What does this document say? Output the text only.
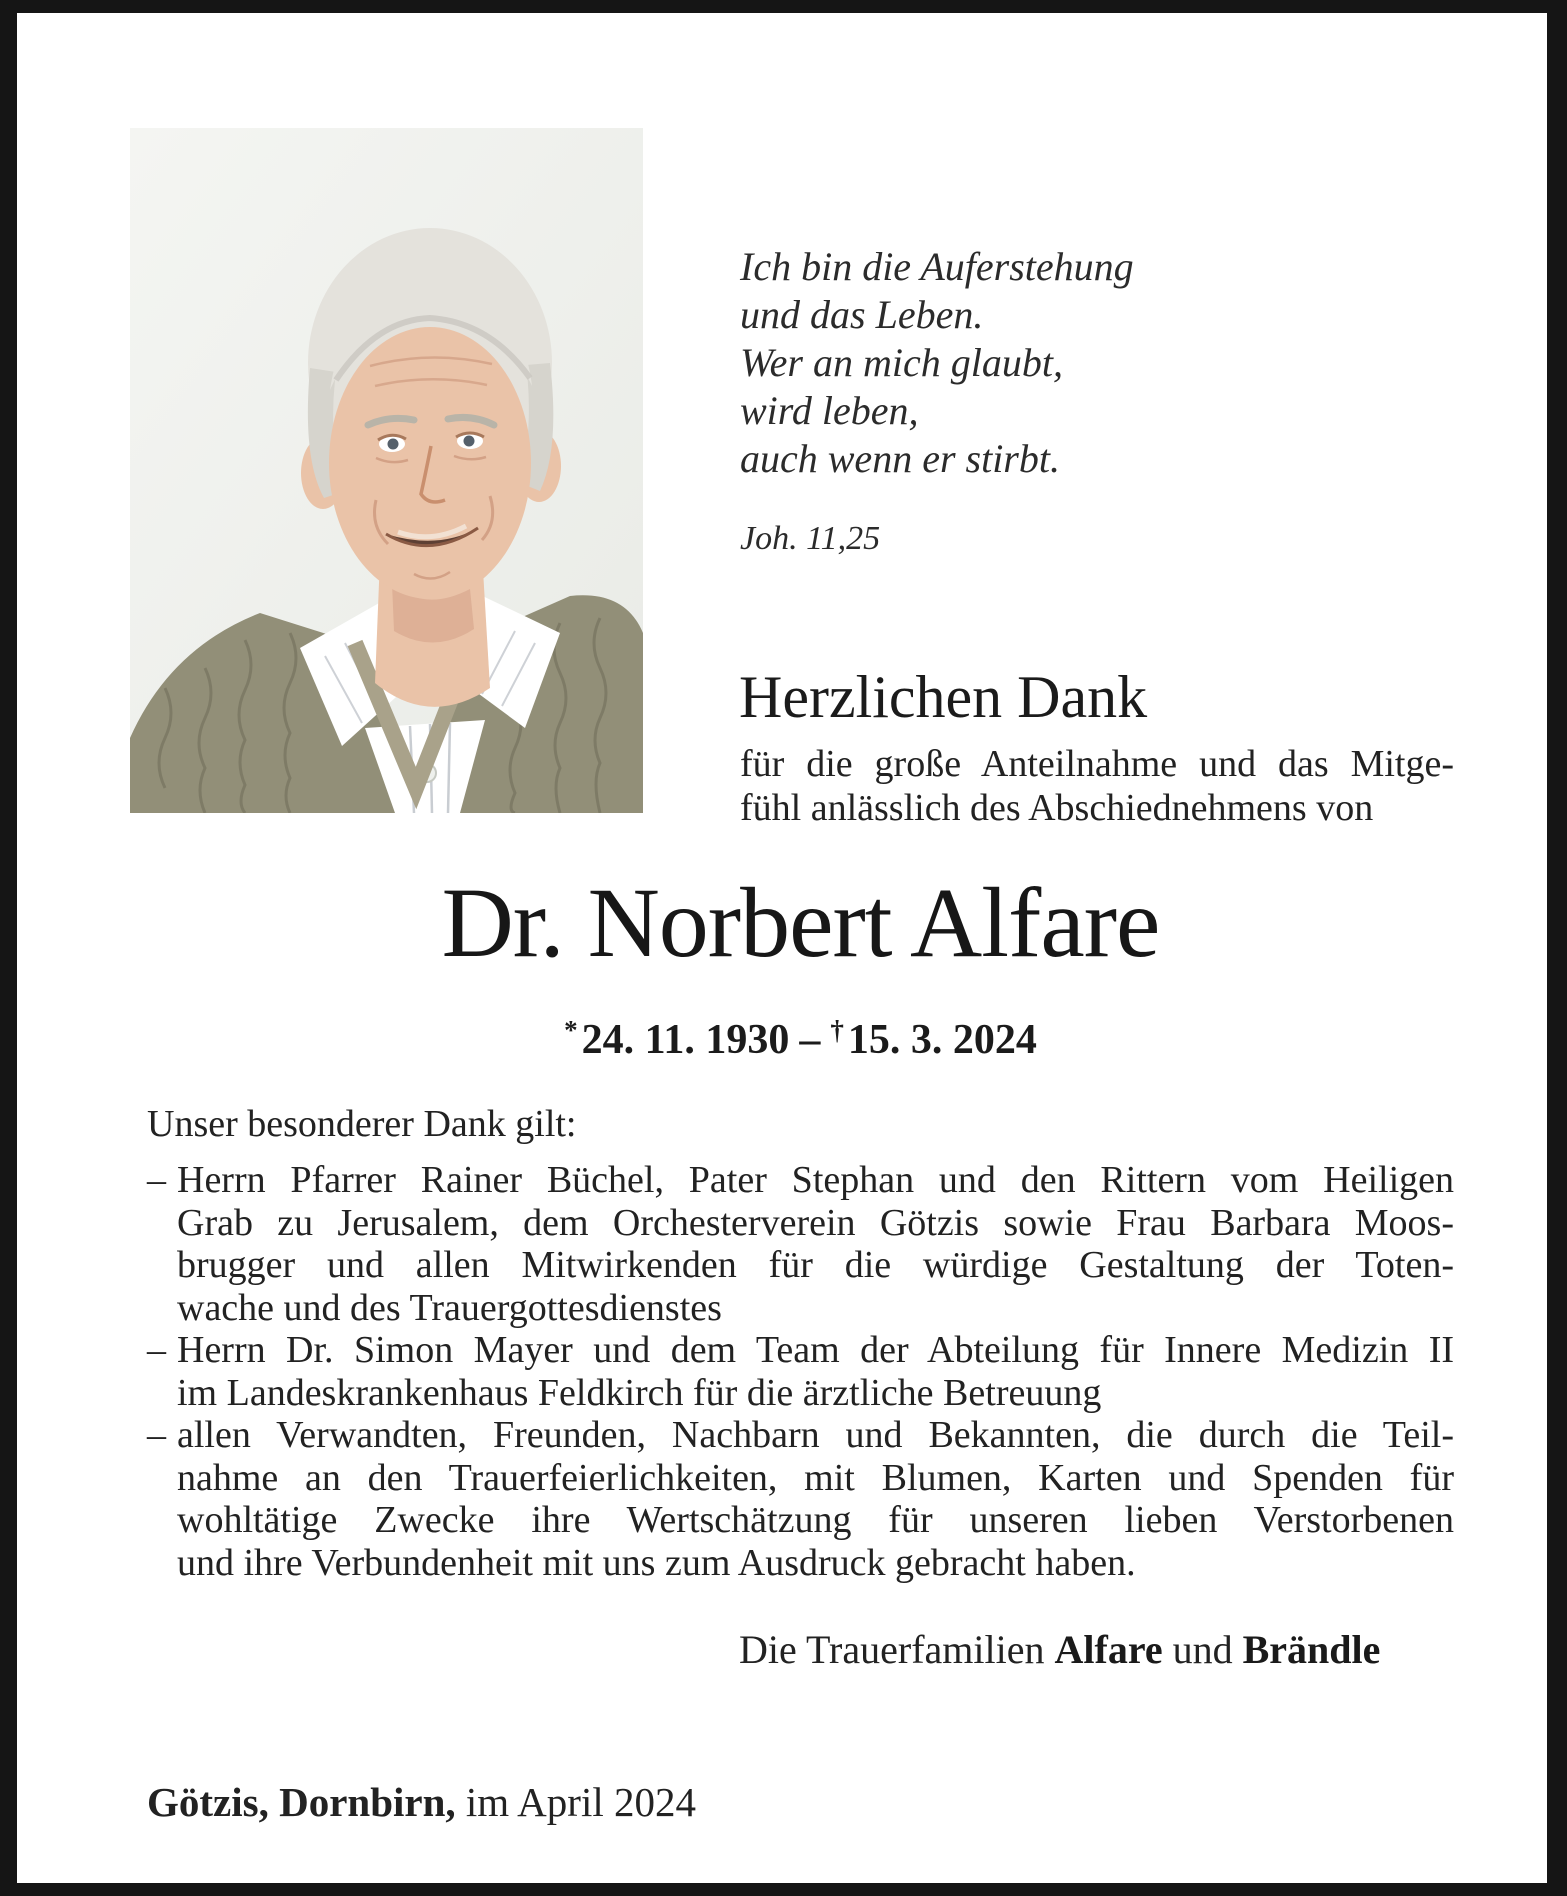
Ich bin die Auferstehung
und das Leben.
Wer an mich glaubt,
wird leben,
auch wenn er stirbt.
Joh. 11,25
Herzlichen Dank
für die große Anteilnahme und das Mitge-
fühl anlässlich des Abschiednehmens von
Dr. Norbert Alfare
*24. 11. 1930 – †15. 3. 2024
Unser besonderer Dank gilt:
– Herrn Pfarrer Rainer Büchel, Pater Stephan und den Rittern vom Heiligen
Grab zu Jerusalem, dem Orchesterverein Götzis sowie Frau Barbara Moos-
brugger und allen Mitwirkenden für die würdige Gestaltung der Toten-
wache und des Trauergottesdienstes
– Herrn Dr. Simon Mayer und dem Team der Abteilung für Innere Medizin II
im Landeskrankenhaus Feldkirch für die ärztliche Betreuung
– allen Verwandten, Freunden, Nachbarn und Bekannten, die durch die Teil-
nahme an den Trauerfeierlichkeiten, mit Blumen, Karten und Spenden für
wohltätige Zwecke ihre Wertschätzung für unseren lieben Verstorbenen
und ihre Verbundenheit mit uns zum Ausdruck gebracht haben.
Die Trauerfamilien Alfare und Brändle
Götzis, Dornbirn, im April 2024
